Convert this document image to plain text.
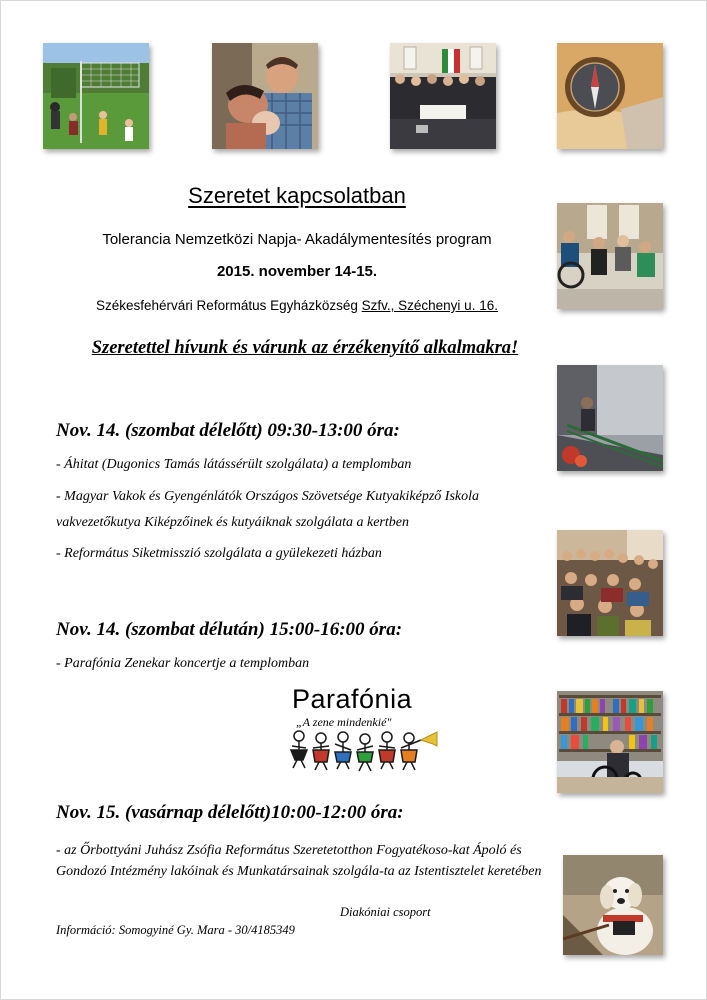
Szeretet kapcsolatban
Tolerancia Nemzetközi Napja- Akadálymentesítés program
2015. november 14-15.
Székesfehérvári Református Egyházközség Szfv., Széchenyi u. 16.
Szeretettel hívunk és várunk az érzékenyítő alkalmakra!
Nov. 14. (szombat délelőtt) 09:30-13:00 óra:
- Áhitat (Dugonics Tamás látássérült szolgálata) a templomban
- Magyar Vakok és Gyengénlátók Országos Szövetsége Kutyakiképző Iskola vakvezetőkutya Kiképzőinek és kutyáiknak szolgálata a kertben
- Református Siketmisszió szolgálata a gyülekezeti házban
Nov. 14. (szombat délután) 15:00-16:00 óra:
- Parafónia Zenekar koncertje a templomban
Parafónia
„A zene mindenkié"
Nov. 15. (vasárnap délelőtt)10:00-12:00 óra:
- az Őrbottyáni Juhász Zsófia Református Szeretetotthon Fogyatékoso-kat Ápoló és Gondozó Intézmény lakóinak és Munkatársainak szolgála-ta az Istentisztelet keretében
Diakóniai csoport
Információ: Somogyiné Gy. Mara - 30/4185349
